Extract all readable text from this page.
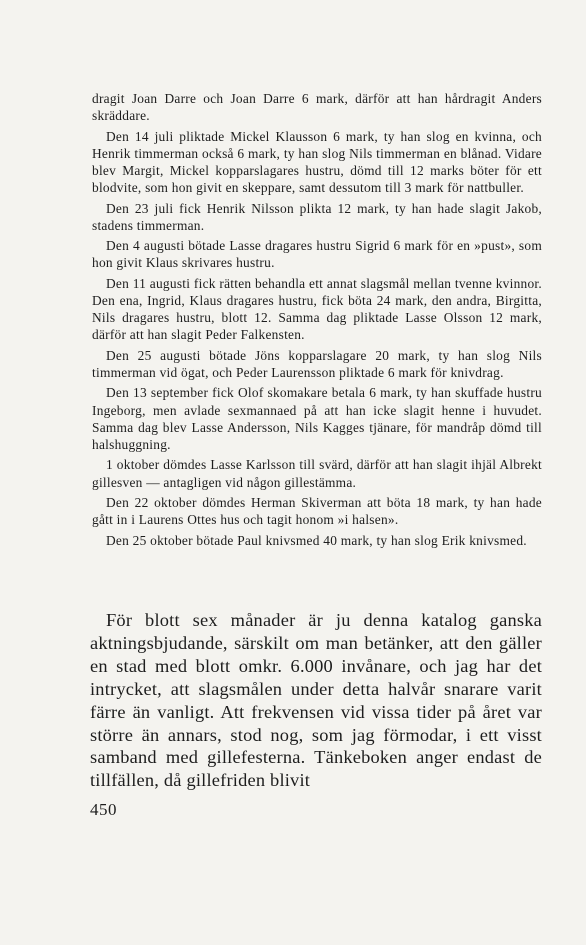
dragit Joan Darre och Joan Darre 6 mark, därför att han hårdragit Anders skräddare.

Den 14 juli pliktade Mickel Klausson 6 mark, ty han slog en kvinna, och Henrik timmerman också 6 mark, ty han slog Nils timmerman en blånad. Vidare blev Margit, Mickel kopparslagares hustru, dömd till 12 marks böter för ett blodvite, som hon givit en skeppare, samt dessutom till 3 mark för nattbuller.

Den 23 juli fick Henrik Nilsson plikta 12 mark, ty han hade slagit Jakob, stadens timmerman.

Den 4 augusti bötade Lasse dragares hustru Sigrid 6 mark för en »pust», som hon givit Klaus skrivares hustru.

Den 11 augusti fick rätten behandla ett annat slagsmål mellan tvenne kvinnor. Den ena, Ingrid, Klaus dragares hustru, fick böta 24 mark, den andra, Birgitta, Nils dragares hustru, blott 12. Samma dag pliktade Lasse Olsson 12 mark, därför att han slagit Peder Falkensten.

Den 25 augusti bötade Jöns kopparslagare 20 mark, ty han slog Nils timmerman vid ögat, och Peder Laurensson pliktade 6 mark för knivdrag.

Den 13 september fick Olof skomakare betala 6 mark, ty han skuffade hustru Ingeborg, men avlade sexmannaed på att han icke slagit henne i huvudet. Samma dag blev Lasse Andersson, Nils Kagges tjänare, för mandråp dömd till halshuggning.

1 oktober dömdes Lasse Karlsson till svärd, därför att han slagit ihjäl Albrekt gillesven — antagligen vid någon gillestämma.

Den 22 oktober dömdes Herman Skiverman att böta 18 mark, ty han hade gått in i Laurens Ottes hus och tagit honom »i halsen».

Den 25 oktober bötade Paul knivsmed 40 mark, ty han slog Erik knivsmed.

För blott sex månader är ju denna katalog ganska aktningsbjudande, särskilt om man betänker, att den gäller en stad med blott omkr. 6.000 invånare, och jag har det intrycket, att slagsmålen under detta halvår snarare varit färre än vanligt. Att frekvensen vid vissa tider på året var större än annars, stod nog, som jag förmodar, i ett visst samband med gillefesterna. Tänkeboken anger endast de tillfällen, då gillefriden blivit

450
